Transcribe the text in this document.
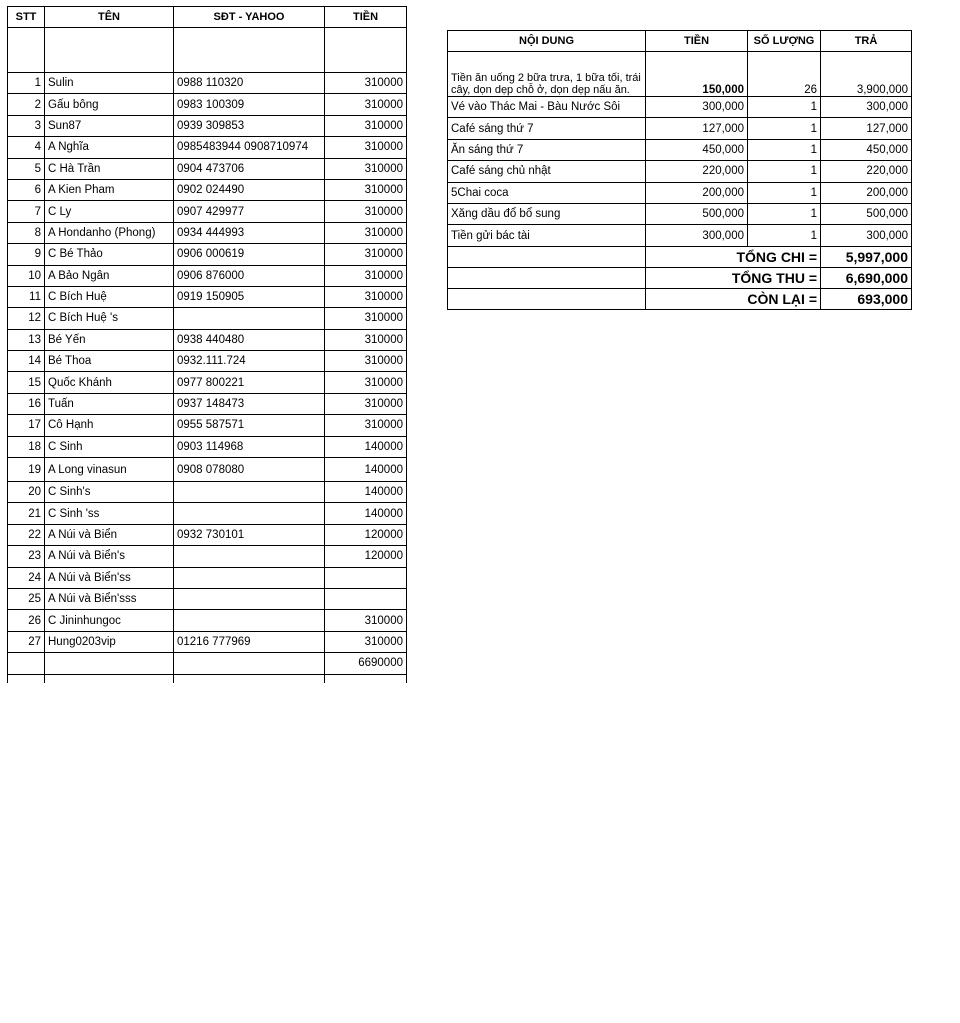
STT	TÊN	SĐT - YAHOO	TIỀN

1	Sulin	0988 110320	310000
2	Gấu bông	0983 100309	310000
3	Sun87	0939 309853	310000
4	A Nghĩa	0985483944 0908710974	310000
5	C Hà Trần	0904 473706	310000
6	A Kien Pham	0902 024490	310000
7	C Ly	0907 429977	310000
8	A Hondanho (Phong)	0934 444993	310000
9	C Bé Thảo	0906 000619	310000
10	A Bảo Ngân	0906 876000	310000
11	C Bích Huệ	0919 150905	310000
12	C Bích Huệ 's		310000
13	Bé Yến	0938 440480	310000
14	Bé Thoa	0932.111.724	310000
15	Quốc Khánh	0977 800221	310000
16	Tuấn	0937 148473	310000
17	Cô Hạnh	0955 587571	310000
18	C Sinh	0903 114968	140000
19	A Long vinasun	0908 078080	140000
20	C Sinh's		140000
21	C Sinh 'ss		140000
22	A Núi và Biển	0932 730101	120000
23	A Núi và Biển's		120000
24	A Núi và Biển'ss		
25	A Núi và Biển'sss		
26	C Jininhungoc		310000
27	Hung0203vip	01216 777969	310000
			6690000

NỘI DUNG	TIỀN	SỐ LƯỢNG	TRẢ
Tiền ăn uống 2 bữa trưa, 1 bữa tối, trái cây, dọn dẹp chỗ ở, dọn dẹp nấu ăn.	150,000	26	3,900,000
Vé vào Thác Mai - Bàu Nước Sôi	300,000	1	300,000
Café sáng thứ 7	127,000	1	127,000
Ăn sáng thứ 7	450,000	1	450,000
Café sáng chủ nhật	220,000	1	220,000
5Chai coca	200,000	1	200,000
Xăng dầu đổ bổ sung	500,000	1	500,000
Tiền gửi bác tài	300,000	1	300,000
	TỔNG CHI =		5,997,000
	TỔNG THU =		6,690,000
	CÒN LẠI =		693,000
